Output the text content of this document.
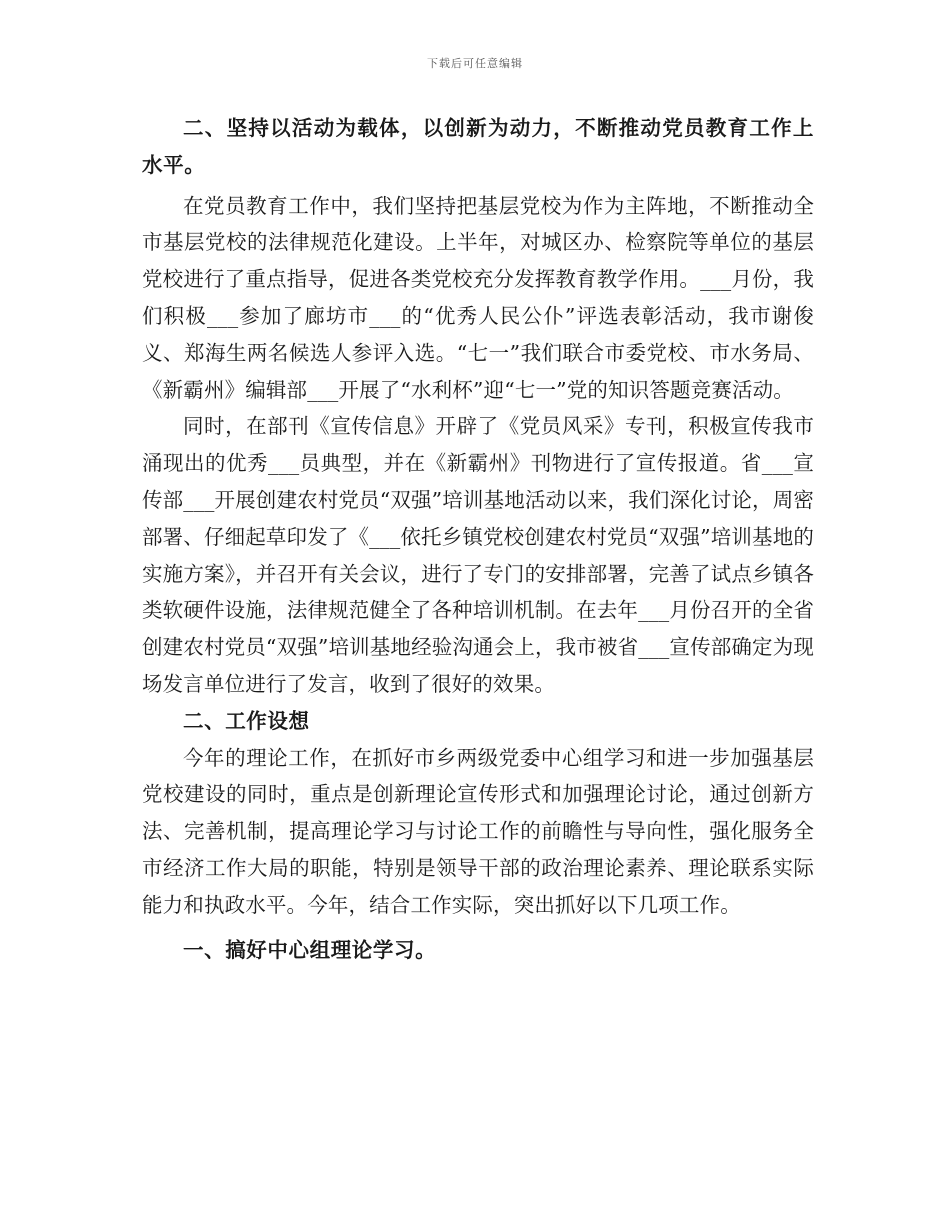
下载后可任意编辑

二、坚持以活动为载体，以创新为动力，不断推动党员教育工作上水平。

在党员教育工作中，我们坚持把基层党校为作为主阵地，不断推动全市基层党校的法律规范化建设。上半年，对城区办、检察院等单位的基层党校进行了重点指导，促进各类党校充分发挥教育教学作用。___月份，我们积极___参加了廊坊市___的“优秀人民公仆”评选表彰活动，我市谢俊义、郑海生两名候选人参评入选。“七一”我们联合市委党校、市水务局、《新霸州》编辑部___开展了“水利杯”迎“七一”党的知识答题竞赛活动。

同时，在部刊《宣传信息》开辟了《党员风采》专刊，积极宣传我市涌现出的优秀___员典型，并在《新霸州》刊物进行了宣传报道。省___宣传部___开展创建农村党员“双强”培训基地活动以来，我们深化讨论，周密部署、仔细起草印发了《___依托乡镇党校创建农村党员“双强”培训基地的实施方案》，并召开有关会议，进行了专门的安排部署，完善了试点乡镇各类软硬件设施，法律规范健全了各种培训机制。在去年___月份召开的全省创建农村党员“双强”培训基地经验沟通会上，我市被省___宣传部确定为现场发言单位进行了发言，收到了很好的效果。

二、工作设想

今年的理论工作，在抓好市乡两级党委中心组学习和进一步加强基层党校建设的同时，重点是创新理论宣传形式和加强理论讨论，通过创新方法、完善机制，提高理论学习与讨论工作的前瞻性与导向性，强化服务全市经济工作大局的职能，特别是领导干部的政治理论素养、理论联系实际能力和执政水平。今年，结合工作实际，突出抓好以下几项工作。

一、搞好中心组理论学习。
